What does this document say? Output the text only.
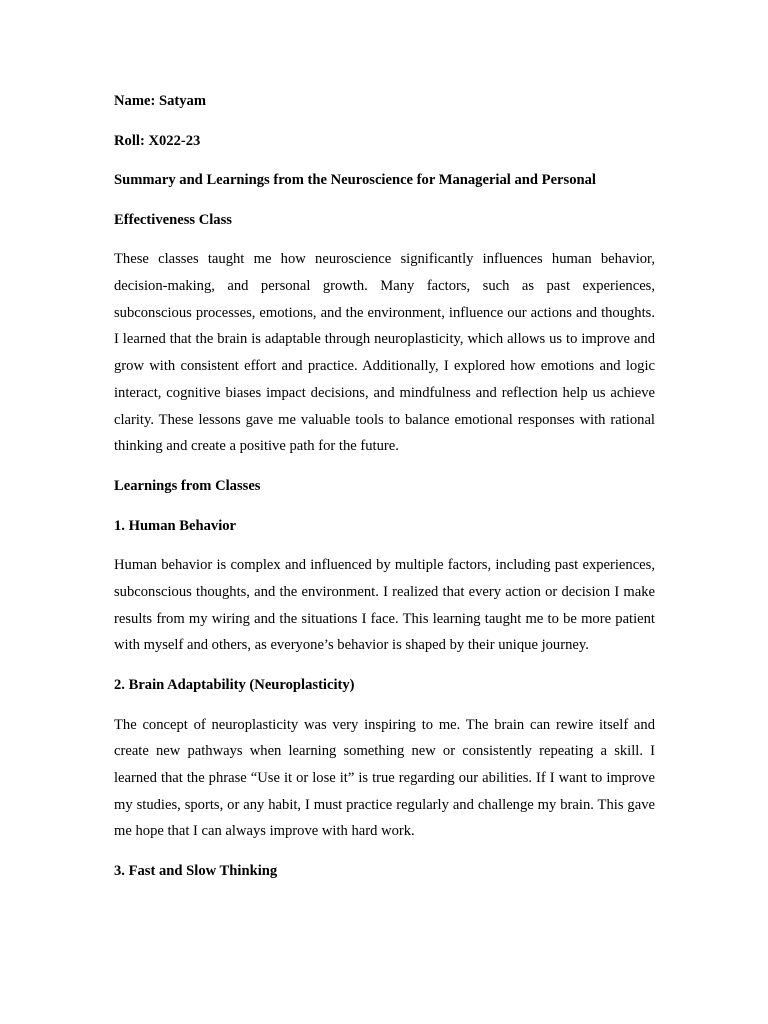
Name: Satyam
Roll: X022-23
Summary and Learnings from the Neuroscience for Managerial and Personal
Effectiveness Class
These classes taught me how neuroscience significantly influences human behavior, decision-making, and personal growth. Many factors, such as past experiences, subconscious processes, emotions, and the environment, influence our actions and thoughts. I learned that the brain is adaptable through neuroplasticity, which allows us to improve and grow with consistent effort and practice. Additionally, I explored how emotions and logic interact, cognitive biases impact decisions, and mindfulness and reflection help us achieve clarity. These lessons gave me valuable tools to balance emotional responses with rational thinking and create a positive path for the future.
Learnings from Classes
1. Human Behavior
Human behavior is complex and influenced by multiple factors, including past experiences, subconscious thoughts, and the environment. I realized that every action or decision I make results from my wiring and the situations I face. This learning taught me to be more patient with myself and others, as everyone’s behavior is shaped by their unique journey.
2. Brain Adaptability (Neuroplasticity)
The concept of neuroplasticity was very inspiring to me. The brain can rewire itself and create new pathways when learning something new or consistently repeating a skill. I learned that the phrase “Use it or lose it” is true regarding our abilities. If I want to improve my studies, sports, or any habit, I must practice regularly and challenge my brain. This gave me hope that I can always improve with hard work.
3. Fast and Slow Thinking
